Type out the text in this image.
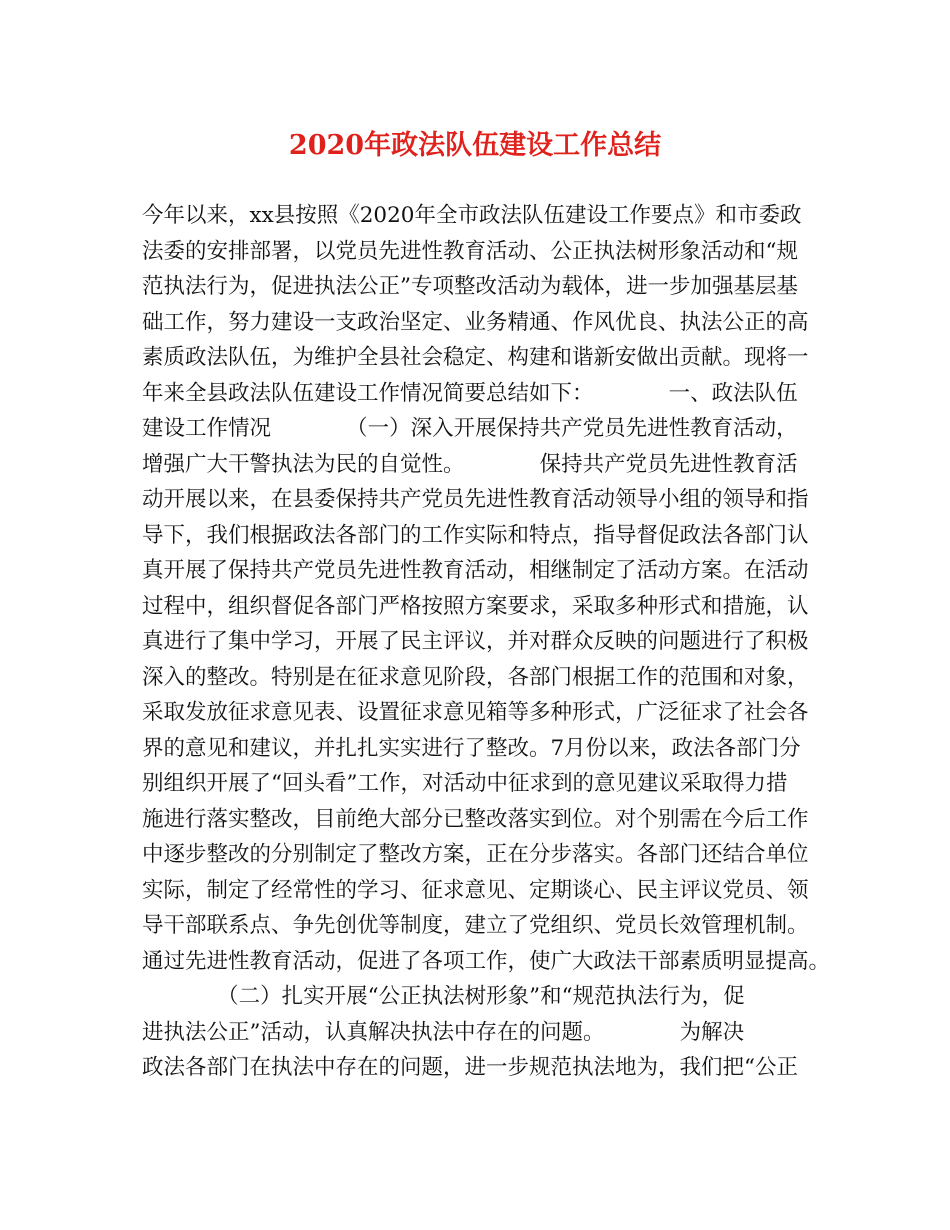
2020年政法队伍建设工作总结
今年以来，xx县按照《2020年全市政法队伍建设工作要点》和市委政
法委的安排部署，以党员先进性教育活动、公正执法树形象活动和“规
范执法行为，促进执法公正”专项整改活动为载体，进一步加强基层基
础工作，努力建设一支政治坚定、业务精通、作风优良、执法公正的高
素质政法队伍，为维护全县社会稳定、构建和谐新安做出贡献。现将一
年来全县政法队伍建设工作情况简要总结如下：           一、政法队伍
建设工作情况           （一）深入开展保持共产党员先进性教育活动，
增强广大干警执法为民的自觉性。           保持共产党员先进性教育活
动开展以来，在县委保持共产党员先进性教育活动领导小组的领导和指
导下，我们根据政法各部门的工作实际和特点，指导督促政法各部门认
真开展了保持共产党员先进性教育活动，相继制定了活动方案。在活动
过程中，组织督促各部门严格按照方案要求，采取多种形式和措施，认
真进行了集中学习，开展了民主评议，并对群众反映的问题进行了积极
深入的整改。特别是在征求意见阶段，各部门根据工作的范围和对象，
采取发放征求意见表、设置征求意见箱等多种形式，广泛征求了社会各
界的意见和建议，并扎扎实实进行了整改。7月份以来，政法各部门分
别组织开展了“回头看”工作，对活动中征求到的意见建议采取得力措
施进行落实整改，目前绝大部分已整改落实到位。对个别需在今后工作
中逐步整改的分别制定了整改方案，正在分步落实。各部门还结合单位
实际，制定了经常性的学习、征求意见、定期谈心、民主评议党员、领
导干部联系点、争先创优等制度，建立了党组织、党员长效管理机制。
通过先进性教育活动，促进了各项工作，使广大政法干部素质明显提高。
（二）扎实开展“公正执法树形象”和“规范执法行为，促
进执法公正”活动，认真解决执法中存在的问题。           为解决
政法各部门在执法中存在的问题，进一步规范执法地为，我们把“公正
